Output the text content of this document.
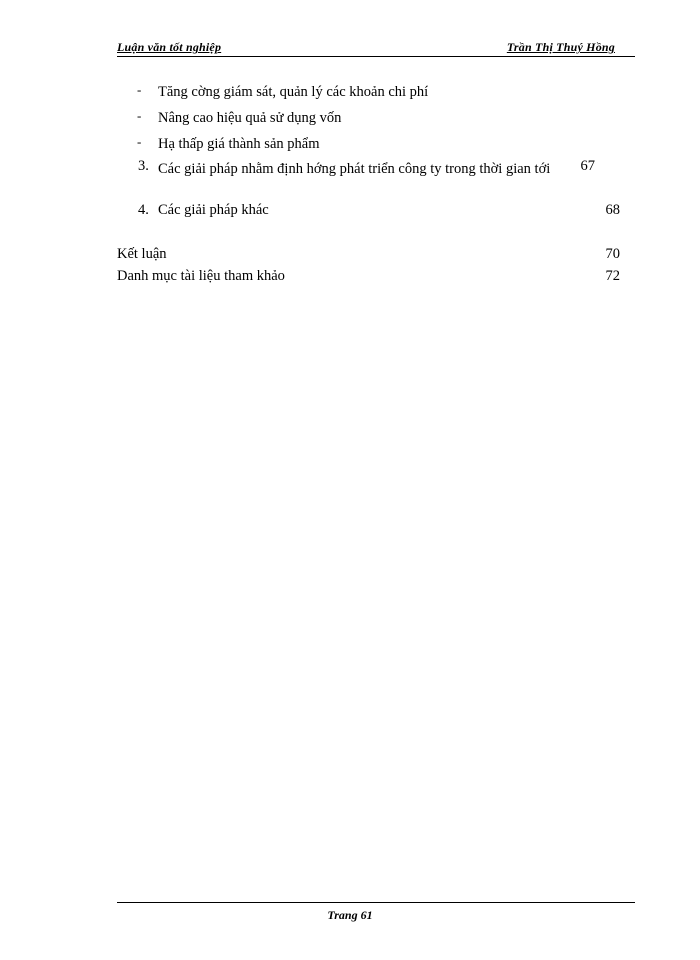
Luận văn tốt nghiệp	Trần Thị Thuý Hồng
- Tăng cờng giám sát, quản lý các khoản chi phí
- Nâng cao hiệu quả sử dụng vốn
- Hạ thấp giá thành sản phẩm
3. Các giải pháp nhằm định hớng phát triển công ty trong thời gian tới	67
4. Các giải pháp khác	68
Kết luận	70
Danh mục tài liệu tham khảo	72
Trang 61
